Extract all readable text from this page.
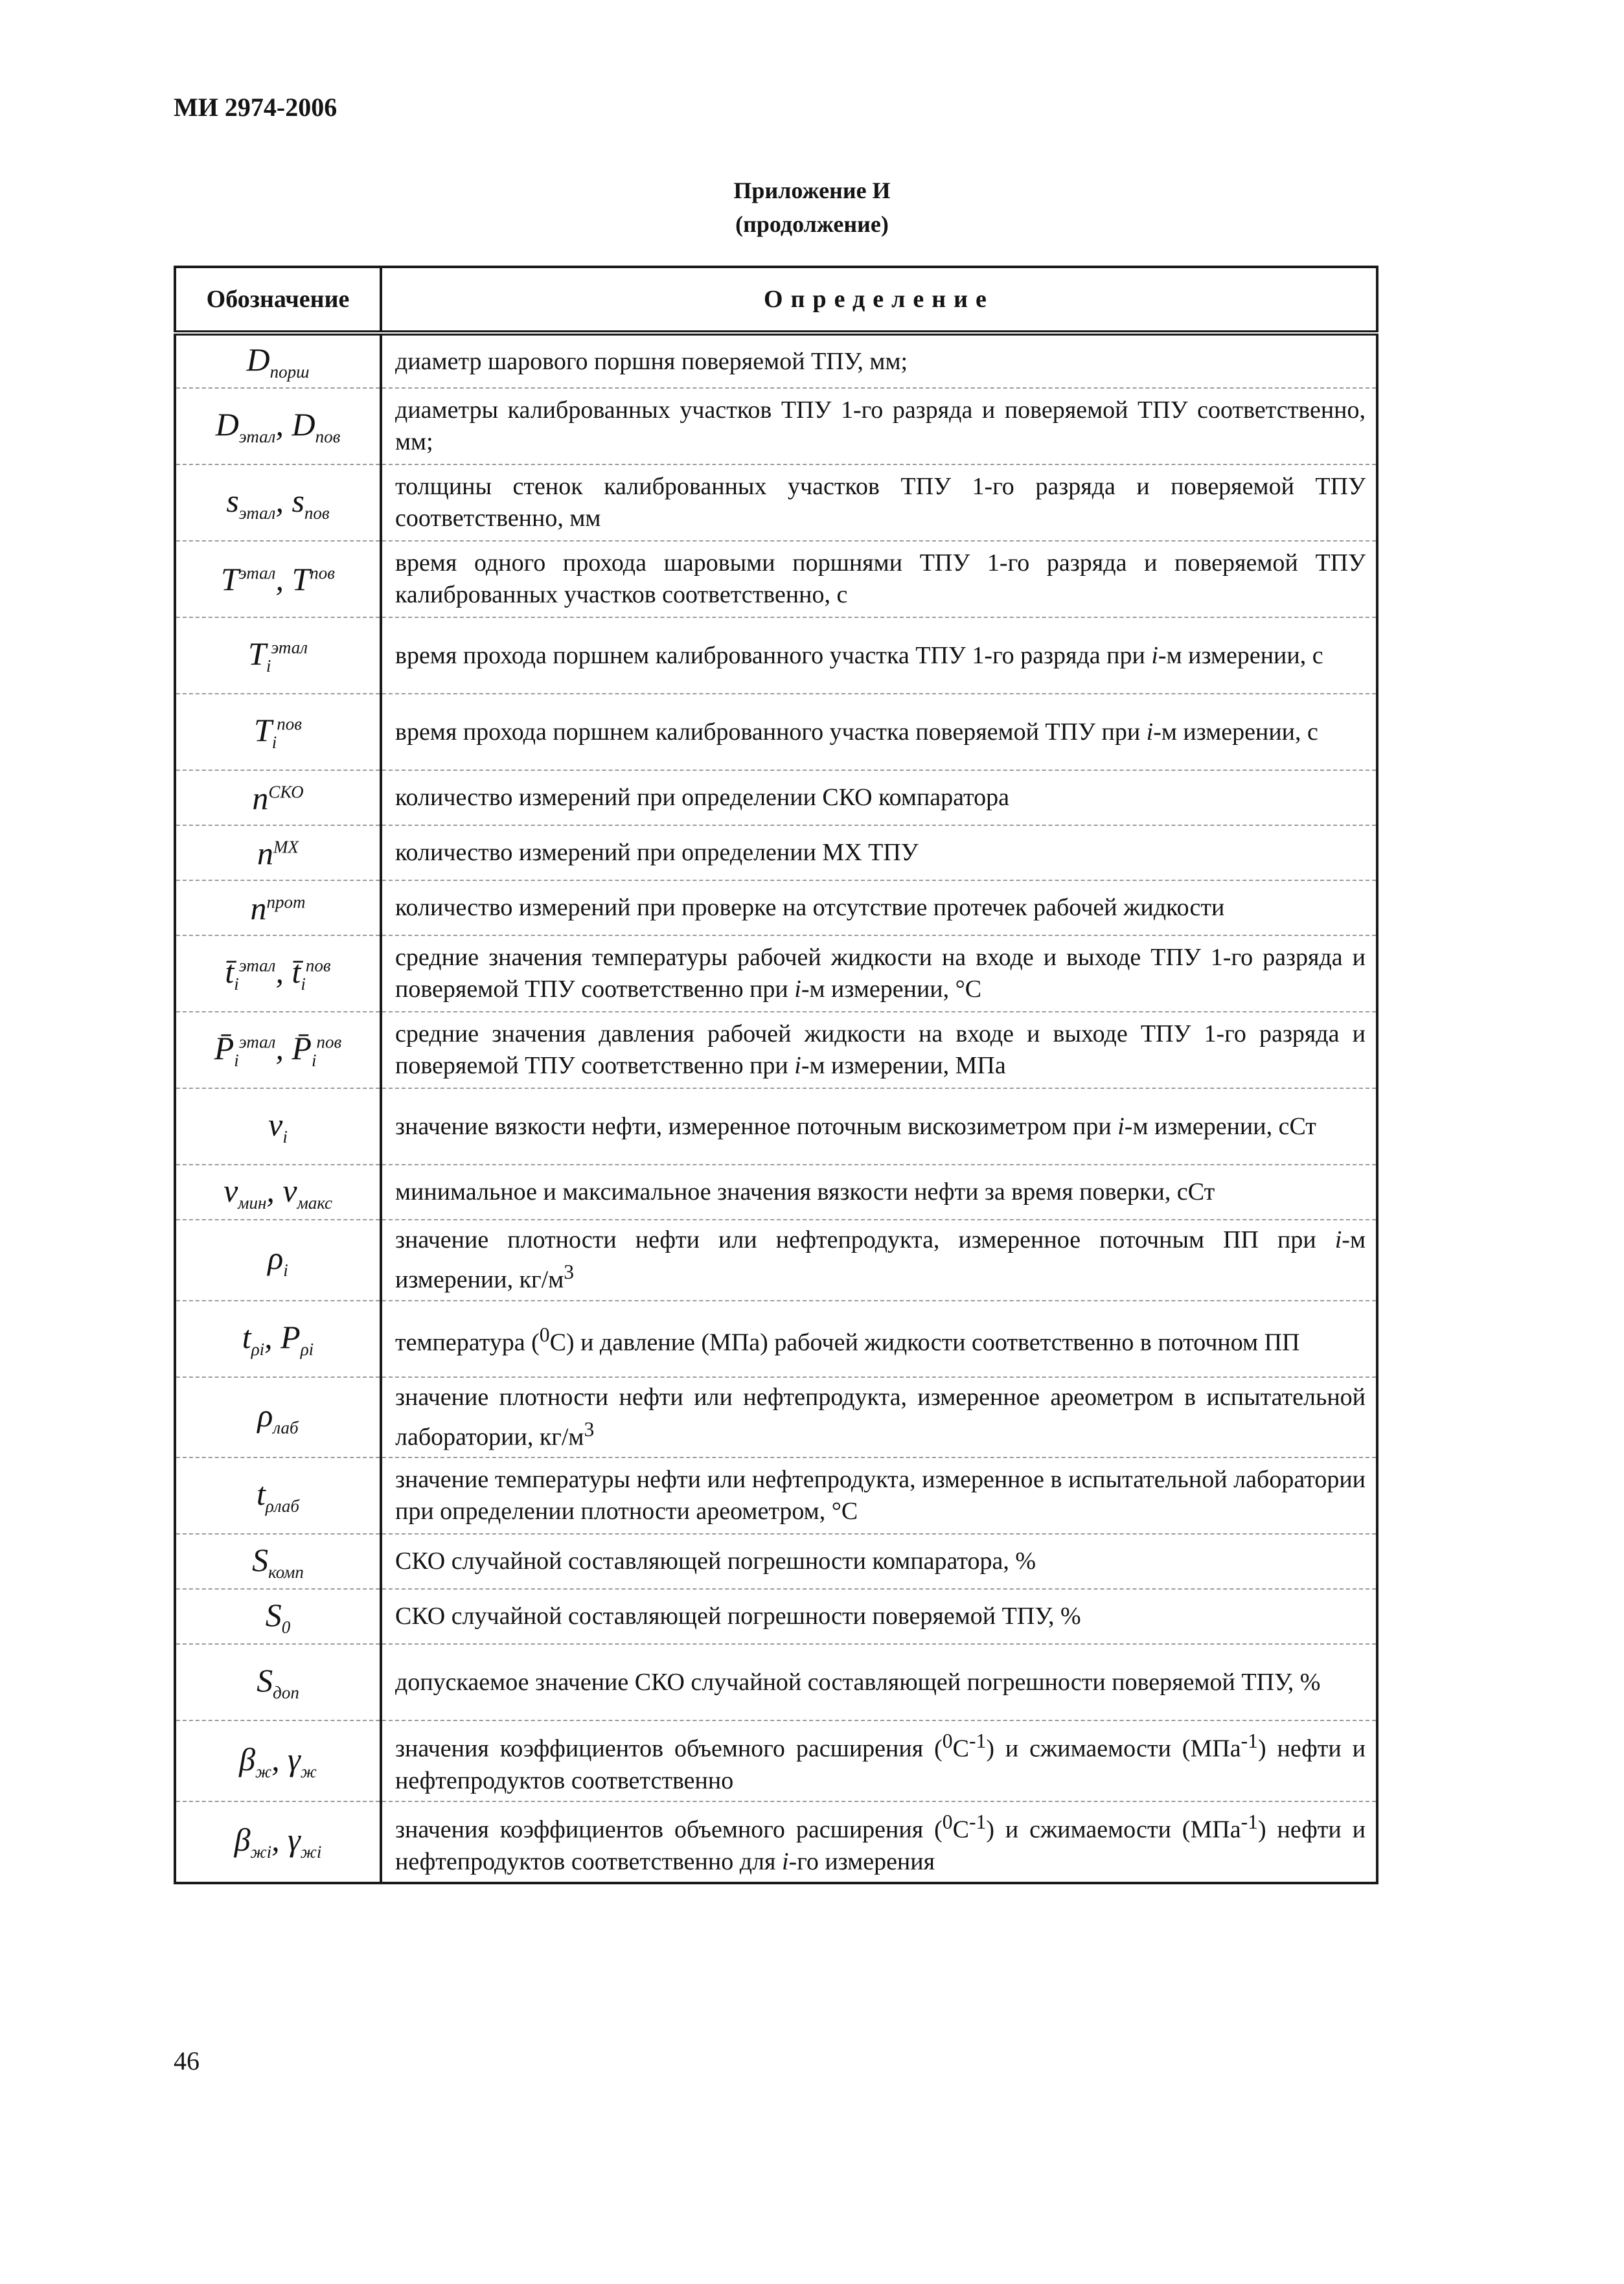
МИ 2974-2006
Приложение И
(продолжение)
Обозначение	Определение
$D_{порш}$	диаметр шарового поршня поверяемой ТПУ, мм;
$D_{этал}$, $D_{пов}$	диаметры калиброванных участков ТПУ 1-го разряда и поверяемой ТПУ соответственно, мм;
$s_{этал}$, $s_{пов}$	толщины стенок калиброванных участков ТПУ 1-го разряда и поверяемой ТПУ соответственно, мм
$T^{этал}$, $T^{пов}$	время одного прохода шаровыми поршнями ТПУ 1-го разряда и поверяемой ТПУ калиброванных участков соответственно, с
$T_i^{этал}$	время прохода поршнем калиброванного участка ТПУ 1-го разряда при i-м измерении, с
$T_i^{пов}$	время прохода поршнем калиброванного участка поверяемой ТПУ при i-м измерении, с
$n^{СКО}$	количество измерений при определении СКО компаратора
$n^{МХ}$	количество измерений при определении МХ ТПУ
$n^{прот}$	количество измерений при проверке на отсутствие протечек рабочей жидкости
$t̄_i^{этал}$, $t̄_i^{пов}$	средние значения температуры рабочей жидкости на входе и выходе ТПУ 1-го разряда и поверяемой ТПУ соответственно при i-м измерении, °С
$P̄_i^{этал}$, $P̄_i^{пов}$	средние значения давления рабочей жидкости на входе и выходе ТПУ 1-го разряда и поверяемой ТПУ соответственно при i-м измерении, МПа
$\nu_i$	значение вязкости нефти, измеренное поточным вискозиметром при i-м измерении, сСт
$\nu_{мин}$, $\nu_{макс}$	минимальное и максимальное значения вязкости нефти за время поверки, сСт
$\rho_i$	значение плотности нефти или нефтепродукта, измеренное поточным ПП при i-м измерении, $кг/м^3$
$t_{\rho i}$, $P_{\rho i}$	температура ($^0$С) и давление (МПа) рабочей жидкости соответственно в поточном ПП
$\rho_{лаб}$	значение плотности нефти или нефтепродукта, измеренное ареометром в испытательной лаборатории, $кг/м^3$
$t_{\rho лаб}$	значение температуры нефти или нефтепродукта, измеренное в испытательной лаборатории при определении плотности ареометром, °С
$S_{комп}$	СКО случайной составляющей погрешности компаратора, %
$S_0$	СКО случайной составляющей погрешности поверяемой ТПУ, %
$S_{доп}$	допускаемое значение СКО случайной составляющей погрешности поверяемой ТПУ, %
$\beta_ж$, $\gamma_ж$	значения коэффициентов объемного расширения $(^0С^{-1})$ и сжимаемости (МПа$^{-1}$) нефти и нефтепродуктов соответственно
$\beta_{жi}$, $\gamma_{жi}$	значения коэффициентов объемного расширения $(^0С^{-1})$ и сжимаемости (МПа$^{-1}$) нефти и нефтепродуктов соответственно для i-го измерения
46
